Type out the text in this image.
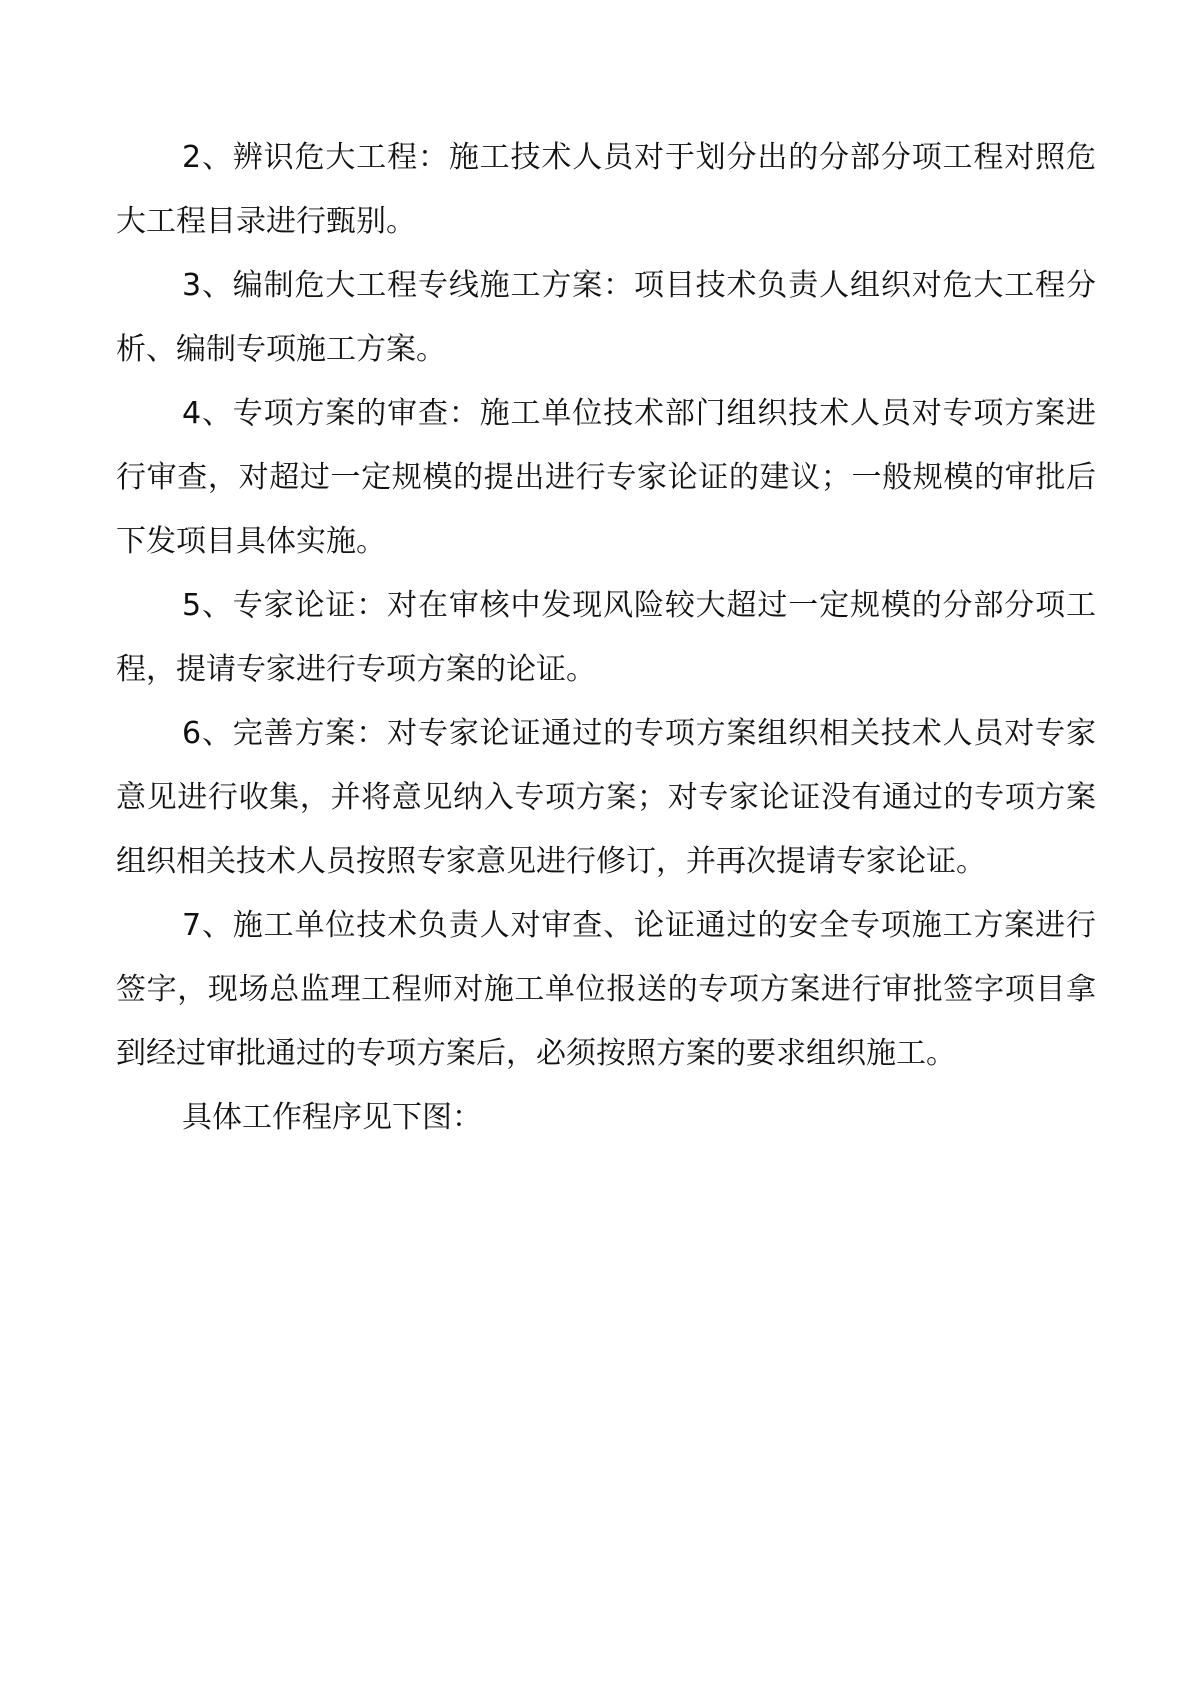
2、辨识危大工程：施工技术人员对于划分出的分部分项工程对照危大工程目录进行甄别。

3、编制危大工程专线施工方案：项目技术负责人组织对危大工程分析、编制专项施工方案。

4、专项方案的审查：施工单位技术部门组织技术人员对专项方案进行审查，对超过一定规模的提出进行专家论证的建议；一般规模的审批后下发项目具体实施。

5、专家论证：对在审核中发现风险较大超过一定规模的分部分项工程，提请专家进行专项方案的论证。

6、完善方案：对专家论证通过的专项方案组织相关技术人员对专家意见进行收集，并将意见纳入专项方案；对专家论证没有通过的专项方案组织相关技术人员按照专家意见进行修订，并再次提请专家论证。

7、施工单位技术负责人对审查、论证通过的安全专项施工方案进行签字，现场总监理工程师对施工单位报送的专项方案进行审批签字项目拿到经过审批通过的专项方案后，必须按照方案的要求组织施工。

具体工作程序见下图：
